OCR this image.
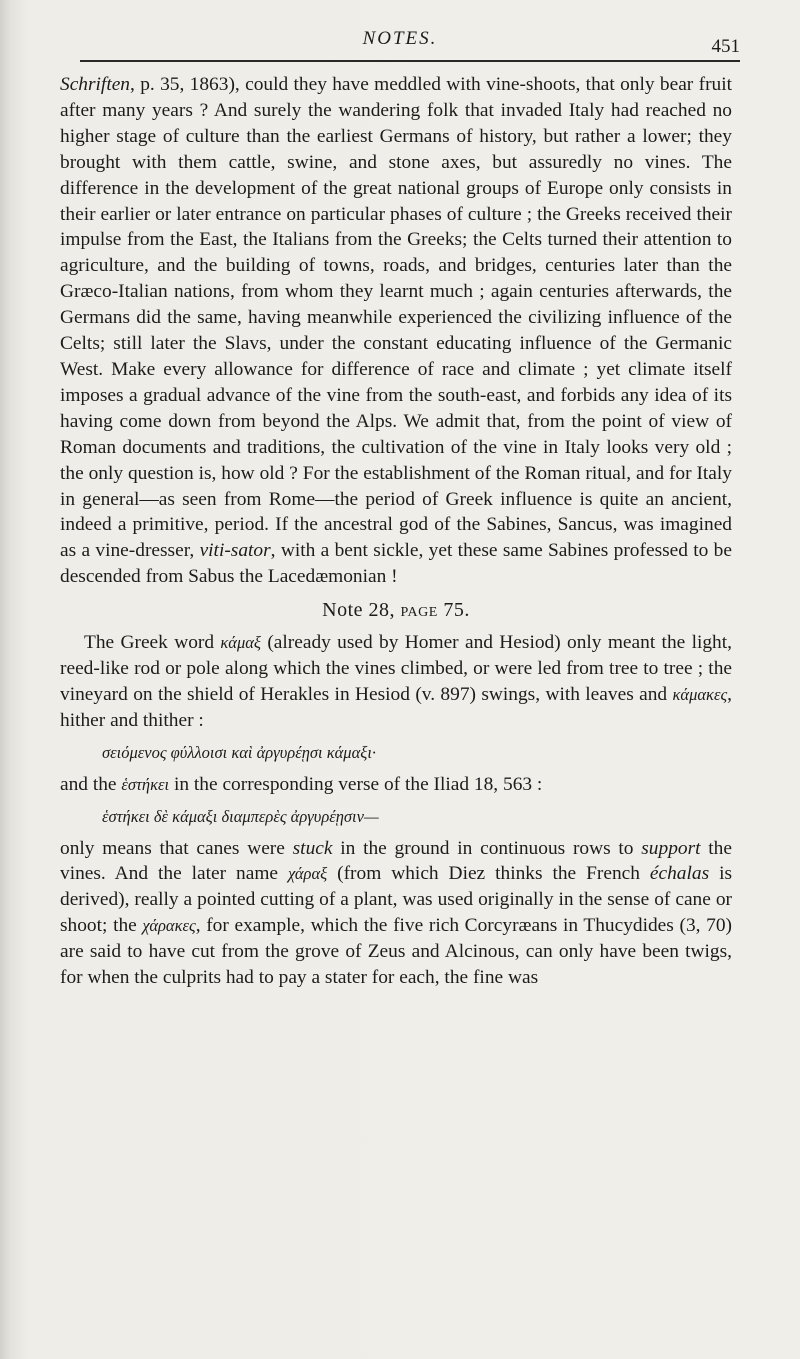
NOTES.	451

Schriften, p. 35, 1863), could they have meddled with vine-shoots, that only bear fruit after many years ? And surely the wandering folk that invaded Italy had reached no higher stage of culture than the earliest Germans of history, but rather a lower; they brought with them cattle, swine, and stone axes, but assuredly no vines. The difference in the development of the great national groups of Europe only consists in their earlier or later entrance on particular phases of culture ; the Greeks received their impulse from the East, the Italians from the Greeks; the Celts turned their attention to agriculture, and the building of towns, roads, and bridges, centuries later than the Græco-Italian nations, from whom they learnt much ; again centuries afterwards, the Germans did the same, having meanwhile experienced the civilizing influence of the Celts; still later the Slavs, under the constant educating influence of the Germanic West. Make every allowance for difference of race and climate ; yet climate itself imposes a gradual advance of the vine from the south-east, and forbids any idea of its having come down from beyond the Alps. We admit that, from the point of view of Roman documents and traditions, the cultivation of the vine in Italy looks very old ; the only question is, how old ? For the establishment of the Roman ritual, and for Italy in general—as seen from Rome—the period of Greek influence is quite an ancient, indeed a primitive, period. If the ancestral god of the Sabines, Sancus, was imagined as a vine-dresser, viti-sator, with a bent sickle, yet these same Sabines professed to be descended from Sabus the Lacedæmonian !

Note 28, page 75.

The Greek word κάμαξ (already used by Homer and Hesiod) only meant the light, reed-like rod or pole along which the vines climbed, or were led from tree to tree ; the vineyard on the shield of Herakles in Hesiod (v. 897) swings, with leaves and κάμακες, hither and thither :

σειόμενος φύλλοισι καὶ ἀργυρέῃσι κάμαξι·

and the ἑστήκει in the corresponding verse of the Iliad 18, 563 :

ἑστήκει δὲ κάμαξι διαμπερὲς ἀργυρέῃσιν—

only means that canes were stuck in the ground in continuous rows to support the vines. And the later name χάραξ (from which Diez thinks the French échalas is derived), really a pointed cutting of a plant, was used originally in the sense of cane or shoot; the χάρακες, for example, which the five rich Corcyræans in Thucydides (3, 70) are said to have cut from the grove of Zeus and Alcinous, can only have been twigs, for when the culprits had to pay a stater for each, the fine was
